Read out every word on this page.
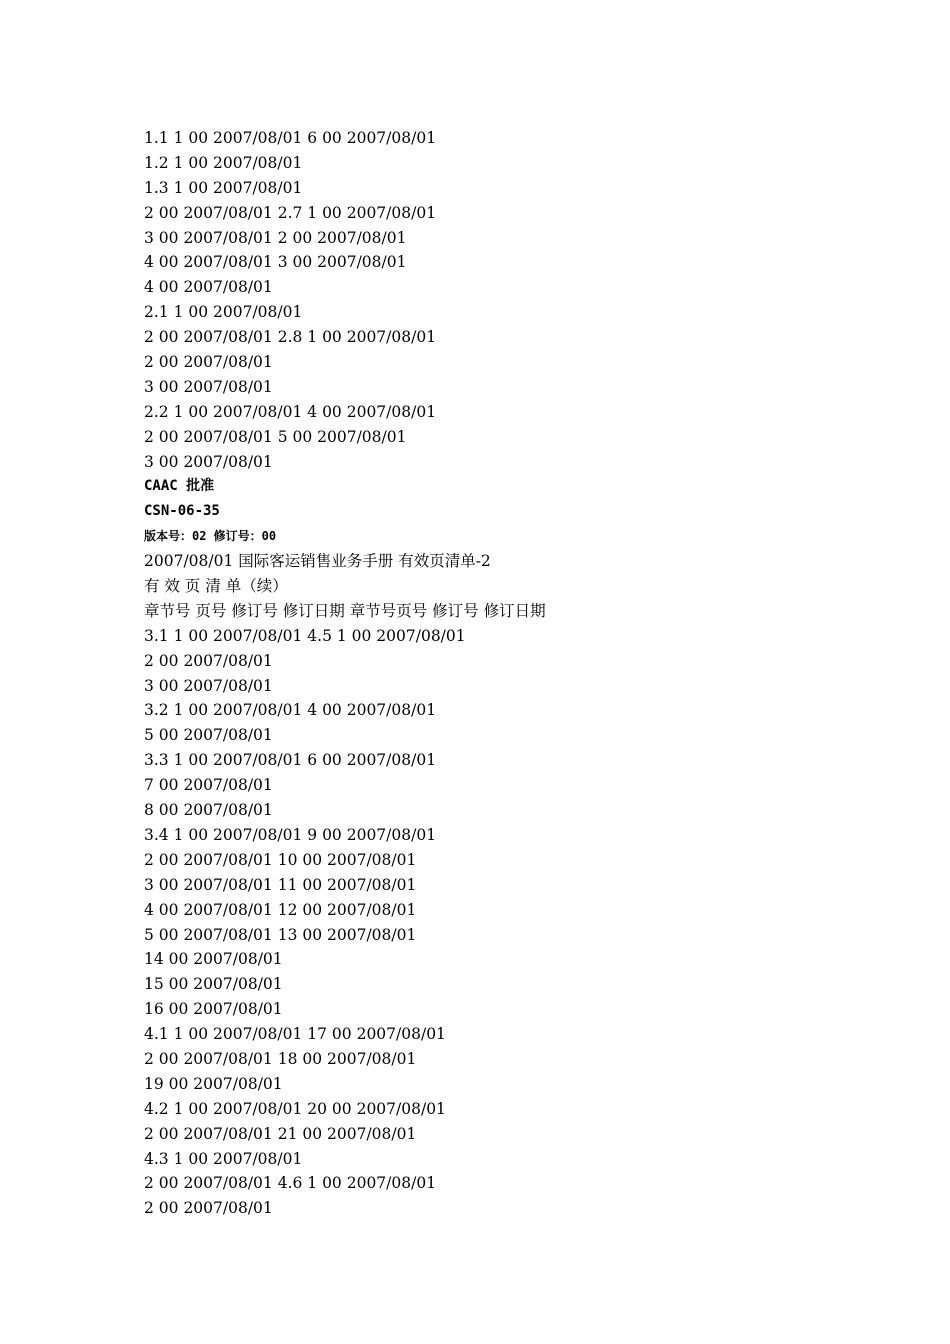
1.1 1 00 2007/08/01 6 00 2007/08/01
1.2 1 00 2007/08/01
1.3 1 00 2007/08/01
2 00 2007/08/01 2.7 1 00 2007/08/01
3 00 2007/08/01 2 00 2007/08/01
4 00 2007/08/01 3 00 2007/08/01
4 00 2007/08/01
2.1 1 00 2007/08/01
2 00 2007/08/01 2.8 1 00 2007/08/01
2 00 2007/08/01
3 00 2007/08/01
2.2 1 00 2007/08/01 4 00 2007/08/01
2 00 2007/08/01 5 00 2007/08/01
3 00 2007/08/01
CAAC 批准
CSN-06-35
版本号：02 修订号：00
2007/08/01 国际客运销售业务手册 有效页清单-2
有 效 页 清 单（续）
章节号 页号 修订号 修订日期 章节号页号 修订号 修订日期
3.1 1 00 2007/08/01 4.5 1 00 2007/08/01
2 00 2007/08/01
3 00 2007/08/01
3.2 1 00 2007/08/01 4 00 2007/08/01
5 00 2007/08/01
3.3 1 00 2007/08/01 6 00 2007/08/01
7 00 2007/08/01
8 00 2007/08/01
3.4 1 00 2007/08/01 9 00 2007/08/01
2 00 2007/08/01 10 00 2007/08/01
3 00 2007/08/01 11 00 2007/08/01
4 00 2007/08/01 12 00 2007/08/01
5 00 2007/08/01 13 00 2007/08/01
14 00 2007/08/01
15 00 2007/08/01
16 00 2007/08/01
4.1 1 00 2007/08/01 17 00 2007/08/01
2 00 2007/08/01 18 00 2007/08/01
19 00 2007/08/01
4.2 1 00 2007/08/01 20 00 2007/08/01
2 00 2007/08/01 21 00 2007/08/01
4.3 1 00 2007/08/01
2 00 2007/08/01 4.6 1 00 2007/08/01
2 00 2007/08/01
